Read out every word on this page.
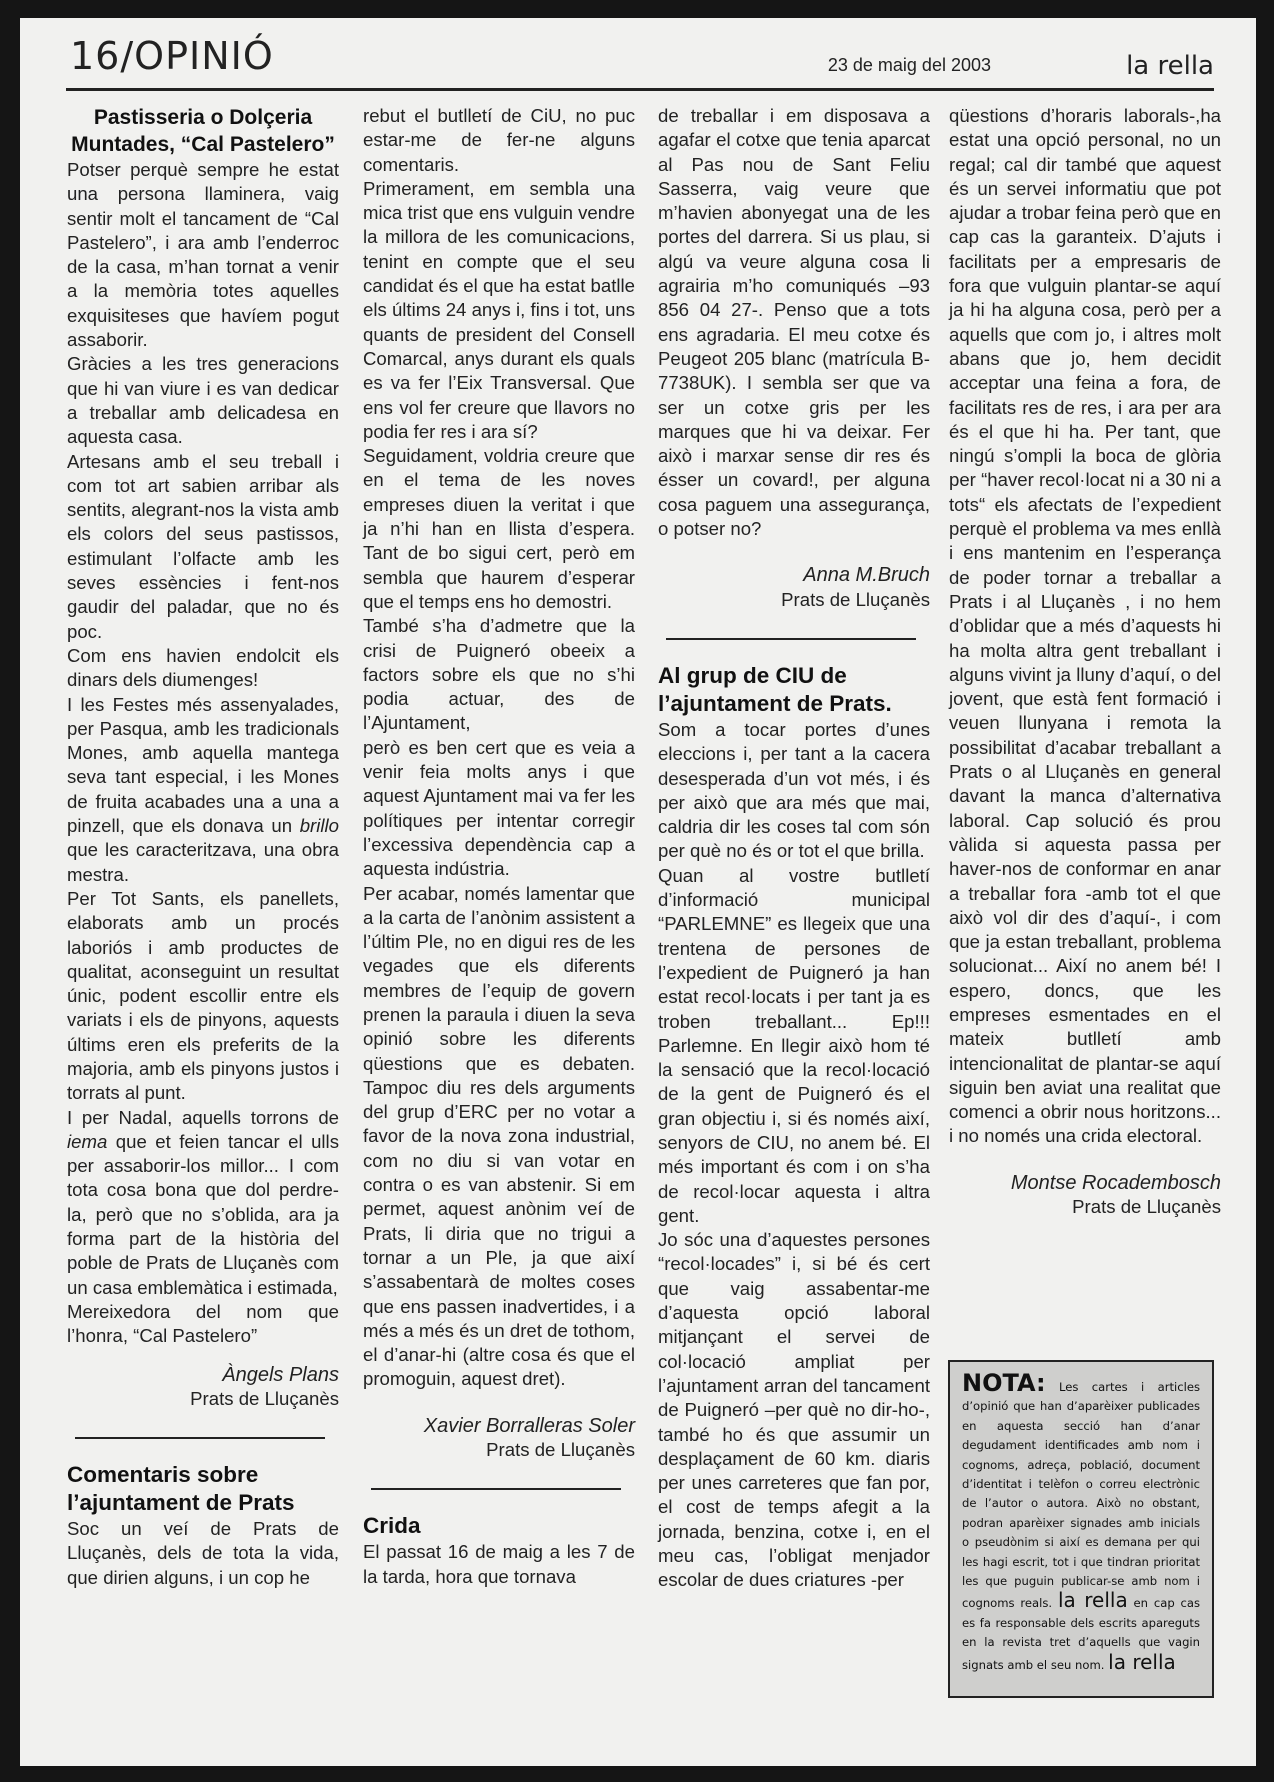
16/OPINIÓ	23 de maig del 2003	la rella
Pastisseria o Dolçeria Muntades, “Cal Pastelero”

Potser perquè sempre he estat una persona llaminera, vaig sentir molt el tancament de “Cal Pastelero”, i ara amb l’enderroc de la casa, m’han tornat a venir a la memòria totes aquelles exquisiteses que havíem pogut assaborir.

Gràcies a les tres generacions que hi van viure i es van dedicar a treballar amb delicadesa en aquesta casa.

Artesans amb el seu treball i com tot art sabien arribar als sentits, alegrant-nos la vista amb els colors del seus pastissos, estimulant l’olfacte amb les seves essències i fent-nos gaudir del paladar, que no és poc.

Com ens havien endolcit els dinars dels diumenges!

I les Festes més assenyalades, per Pasqua, amb les tradicionals Mones, amb aquella mantega seva tant especial, i les Mones de fruita acabades una a una a pinzell, que els donava un brillo que les caracteritzava, una obra mestra.

Per Tot Sants, els panellets, elaborats amb un procés laboriós i amb productes de qualitat, aconseguint un resultat únic, podent escollir entre els variats i els de pinyons, aquests últims eren els preferits de la majoria, amb els pinyons justos i torrats al punt.

I per Nadal, aquells torrons de iema que et feien tancar el ulls per assaborir-los millor... I com tota cosa bona que dol perdre-la, però que no s’oblida, ara ja forma part de la història del poble de Prats de Lluçanès com un casa emblemàtica i estimada,

Mereixedora del nom que l’honra, “Cal Pastelero”

Àngels Plans

Prats de Lluçanès

Comentaris sobre l’ajuntament de Prats

Soc un veí de Prats de Lluçanès, dels de tota la vida, que dirien alguns, i un cop he

rebut el butlletí de CiU, no puc estar-me de fer-ne alguns comentaris.

Primerament, em sembla una mica trist que ens vulguin vendre la millora de les comunicacions, tenint en compte que el seu candidat és el que ha estat batlle els últims 24 anys i, fins i tot, uns quants de president del Consell Comarcal, anys durant els quals es va fer l’Eix Transversal. Que ens vol fer creure que llavors no podia fer res i ara sí?

Seguidament, voldria creure que en el tema de les noves empreses diuen la veritat i que ja n’hi han en llista d’espera. Tant de bo sigui cert, però em sembla que haurem d’esperar que el temps ens ho demostri.

També s’ha d’admetre que la crisi de Puigneró obeeix a factors sobre els que no s’hi podia actuar, des de l’Ajuntament,

però es ben cert que es veia a venir feia molts anys i que aquest Ajuntament mai va fer les polítiques per intentar corregir l’excessiva dependència cap a aquesta indústria.

Per acabar, només lamentar que a la carta de l’anònim assistent a l’últim Ple, no en digui res de les vegades que els diferents membres de l’equip de govern prenen la paraula i diuen la seva opinió sobre les diferents qüestions que es debaten. Tampoc diu res dels arguments del grup d’ERC per no votar a favor de la nova zona industrial, com no diu si van votar en contra o es van abstenir. Si em permet, aquest anònim veí de Prats, li diria que no trigui a tornar a un Ple, ja que així s’assabentarà de moltes coses que ens passen inadvertides, i a més a més és un dret de tothom, el d’anar-hi (altre cosa és que el promoguin, aquest dret).

Xavier Borralleras Soler

Prats de Lluçanès

Crida

El passat 16 de maig a les 7 de la tarda, hora que tornava

de treballar i em disposava a agafar el cotxe que tenia aparcat al Pas nou de Sant Feliu Sasserra, vaig veure que m’havien abonyegat una de les portes del darrera. Si us plau, si algú va veure alguna cosa li agrairia m’ho comuniqués –93 856 04 27-. Penso que a tots ens agradaria. El meu cotxe és Peugeot 205 blanc (matrícula B-7738UK). I sembla ser que va ser un cotxe gris per les marques que hi va deixar. Fer això i marxar sense dir res és ésser un covard!, per alguna cosa paguem una assegurança, o potser no?

Anna M.Bruch

Prats de Lluçanès

Al grup de CIU de l’ajuntament de Prats.

Som a tocar portes d’unes eleccions i, per tant a la cacera desesperada d’un vot més, i és per això que ara més que mai, caldria dir les coses tal com són per què no és or tot el que brilla.

Quan al vostre butlletí d’informació municipal “PARLEMNE” es llegeix que una trentena de persones de l’expedient de Puigneró ja han estat recol·locats i per tant ja es troben treballant... Ep!!! Parlemne. En llegir això hom té la sensació que la recol·locació de la gent de Puigneró és el gran objectiu i, si és només així, senyors de CIU, no anem bé. El més important és com i on s’ha de recol·locar aquesta i altra gent.

Jo sóc una d’aquestes persones “recol·locades” i, si bé és cert que vaig assabentar-me d’aquesta opció laboral mitjançant el servei de col·locació ampliat per l’ajuntament arran del tancament de Puigneró –per què no dir-ho-, també ho és que assumir un desplaçament de 60 km. diaris per unes carreteres que fan por, el cost de temps afegit a la jornada, benzina, cotxe i, en el meu cas, l’obligat menjador escolar de dues criatures -per

qüestions d’horaris laborals-,ha estat una opció personal, no un regal; cal dir també que aquest és un servei informatiu que pot ajudar a trobar feina però que en cap cas la garanteix. D’ajuts i facilitats per a empresaris de fora que vulguin plantar-se aquí ja hi ha alguna cosa, però per a aquells que com jo, i altres molt abans que jo, hem decidit acceptar una feina a fora, de facilitats res de res, i ara per ara és el que hi ha. Per tant, que ningú s’ompli la boca de glòria per “haver recol·locat ni a 30 ni a tots“ els afectats de l’expedient perquè el problema va mes enllà i ens mantenim en l’esperança de poder tornar a treballar a Prats i al Lluçanès , i no hem d’oblidar que a més d’aquests hi ha molta altra gent treballant i alguns vivint ja lluny d’aquí, o del jovent, que està fent formació i veuen llunyana i remota la possibilitat d’acabar treballant a Prats o al Lluçanès en general davant la manca d’alternativa laboral. Cap solució és prou vàlida si aquesta passa per haver-nos de conformar en anar a treballar fora -amb tot el que això vol dir des d’aquí-, i com que ja estan treballant, problema solucionat... Així no anem bé! I espero, doncs, que les empreses esmentades en el mateix butlletí amb intencionalitat de plantar-se aquí siguin ben aviat una realitat que comenci a obrir nous horitzons... i no només una crida electoral.

Montse Rocadembosch

Prats de Lluçanès

NOTA: Les cartes i articles d’opinió que han d’aparèixer publicades en aquesta secció han d’anar degudament identificades amb nom i cognoms, adreça, població, document d’identitat i telèfon o correu electrònic de l’autor o autora. Això no obstant, podran aparèixer signades amb inicials o pseudònim si així es demana per qui les hagi escrit, tot i que tindran prioritat les que puguin publicar-se amb nom i cognoms reals. la rella en cap cas es fa responsable dels escrits apareguts en la revista tret d’aquells que vagin signats amb el seu nom. la rella
